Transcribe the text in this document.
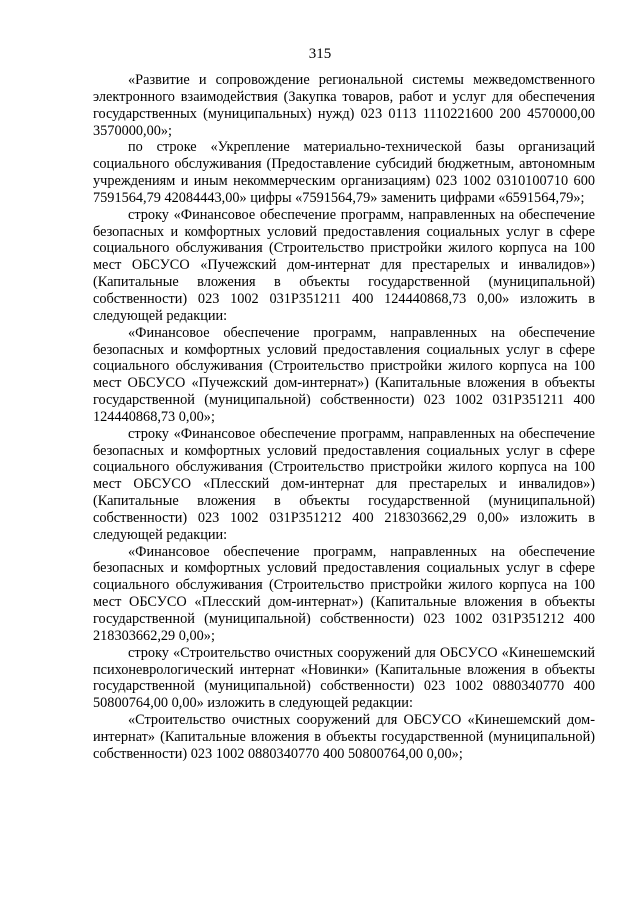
315

«Развитие и сопровождение региональной системы межведомственного электронного взаимодействия (Закупка товаров, работ и услуг для обеспечения государственных (муниципальных) нужд) 023 0113 1110221600 200 4570000,00 3570000,00»;

по строке «Укрепление материально-технической базы организаций социального обслуживания (Предоставление субсидий бюджетным, автономным учреждениям и иным некоммерческим организациям) 023 1002 0310100710 600 7591564,79 42084443,00» цифры «7591564,79» заменить цифрами «6591564,79»;

строку «Финансовое обеспечение программ, направленных на обеспечение безопасных и комфортных условий предоставления социальных услуг в сфере социального обслуживания (Строительство пристройки жилого корпуса на 100 мест ОБСУСО «Пучежский дом-интернат для престарелых и инвалидов») (Капитальные вложения в объекты государственной (муниципальной) собственности) 023 1002 031P351211 400 124440868,73 0,00» изложить в следующей редакции:

«Финансовое обеспечение программ, направленных на обеспечение безопасных и комфортных условий предоставления социальных услуг в сфере социального обслуживания (Строительство пристройки жилого корпуса на 100 мест ОБСУСО «Пучежский дом-интернат») (Капитальные вложения в объекты государственной (муниципальной) собственности) 023 1002 031P351211 400 124440868,73 0,00»;

строку «Финансовое обеспечение программ, направленных на обеспечение безопасных и комфортных условий предоставления социальных услуг в сфере социального обслуживания (Строительство пристройки жилого корпуса на 100 мест ОБСУСО «Плесский дом-интернат для престарелых и инвалидов») (Капитальные вложения в объекты государственной (муниципальной) собственности) 023 1002 031P351212 400 218303662,29 0,00» изложить в следующей редакции:

«Финансовое обеспечение программ, направленных на обеспечение безопасных и комфортных условий предоставления социальных услуг в сфере социального обслуживания (Строительство пристройки жилого корпуса на 100 мест ОБСУСО «Плесский дом-интернат») (Капитальные вложения в объекты государственной (муниципальной) собственности) 023 1002 031P351212 400 218303662,29 0,00»;

строку «Строительство очистных сооружений для ОБСУСО «Кинешемский психоневрологический интернат «Новинки» (Капитальные вложения в объекты государственной (муниципальной) собственности) 023 1002 0880340770 400 50800764,00 0,00» изложить в следующей редакции:

«Строительство очистных сооружений для ОБСУСО «Кинешемский дом-интернат» (Капитальные вложения в объекты государственной (муниципальной) собственности) 023 1002 0880340770 400 50800764,00 0,00»;
